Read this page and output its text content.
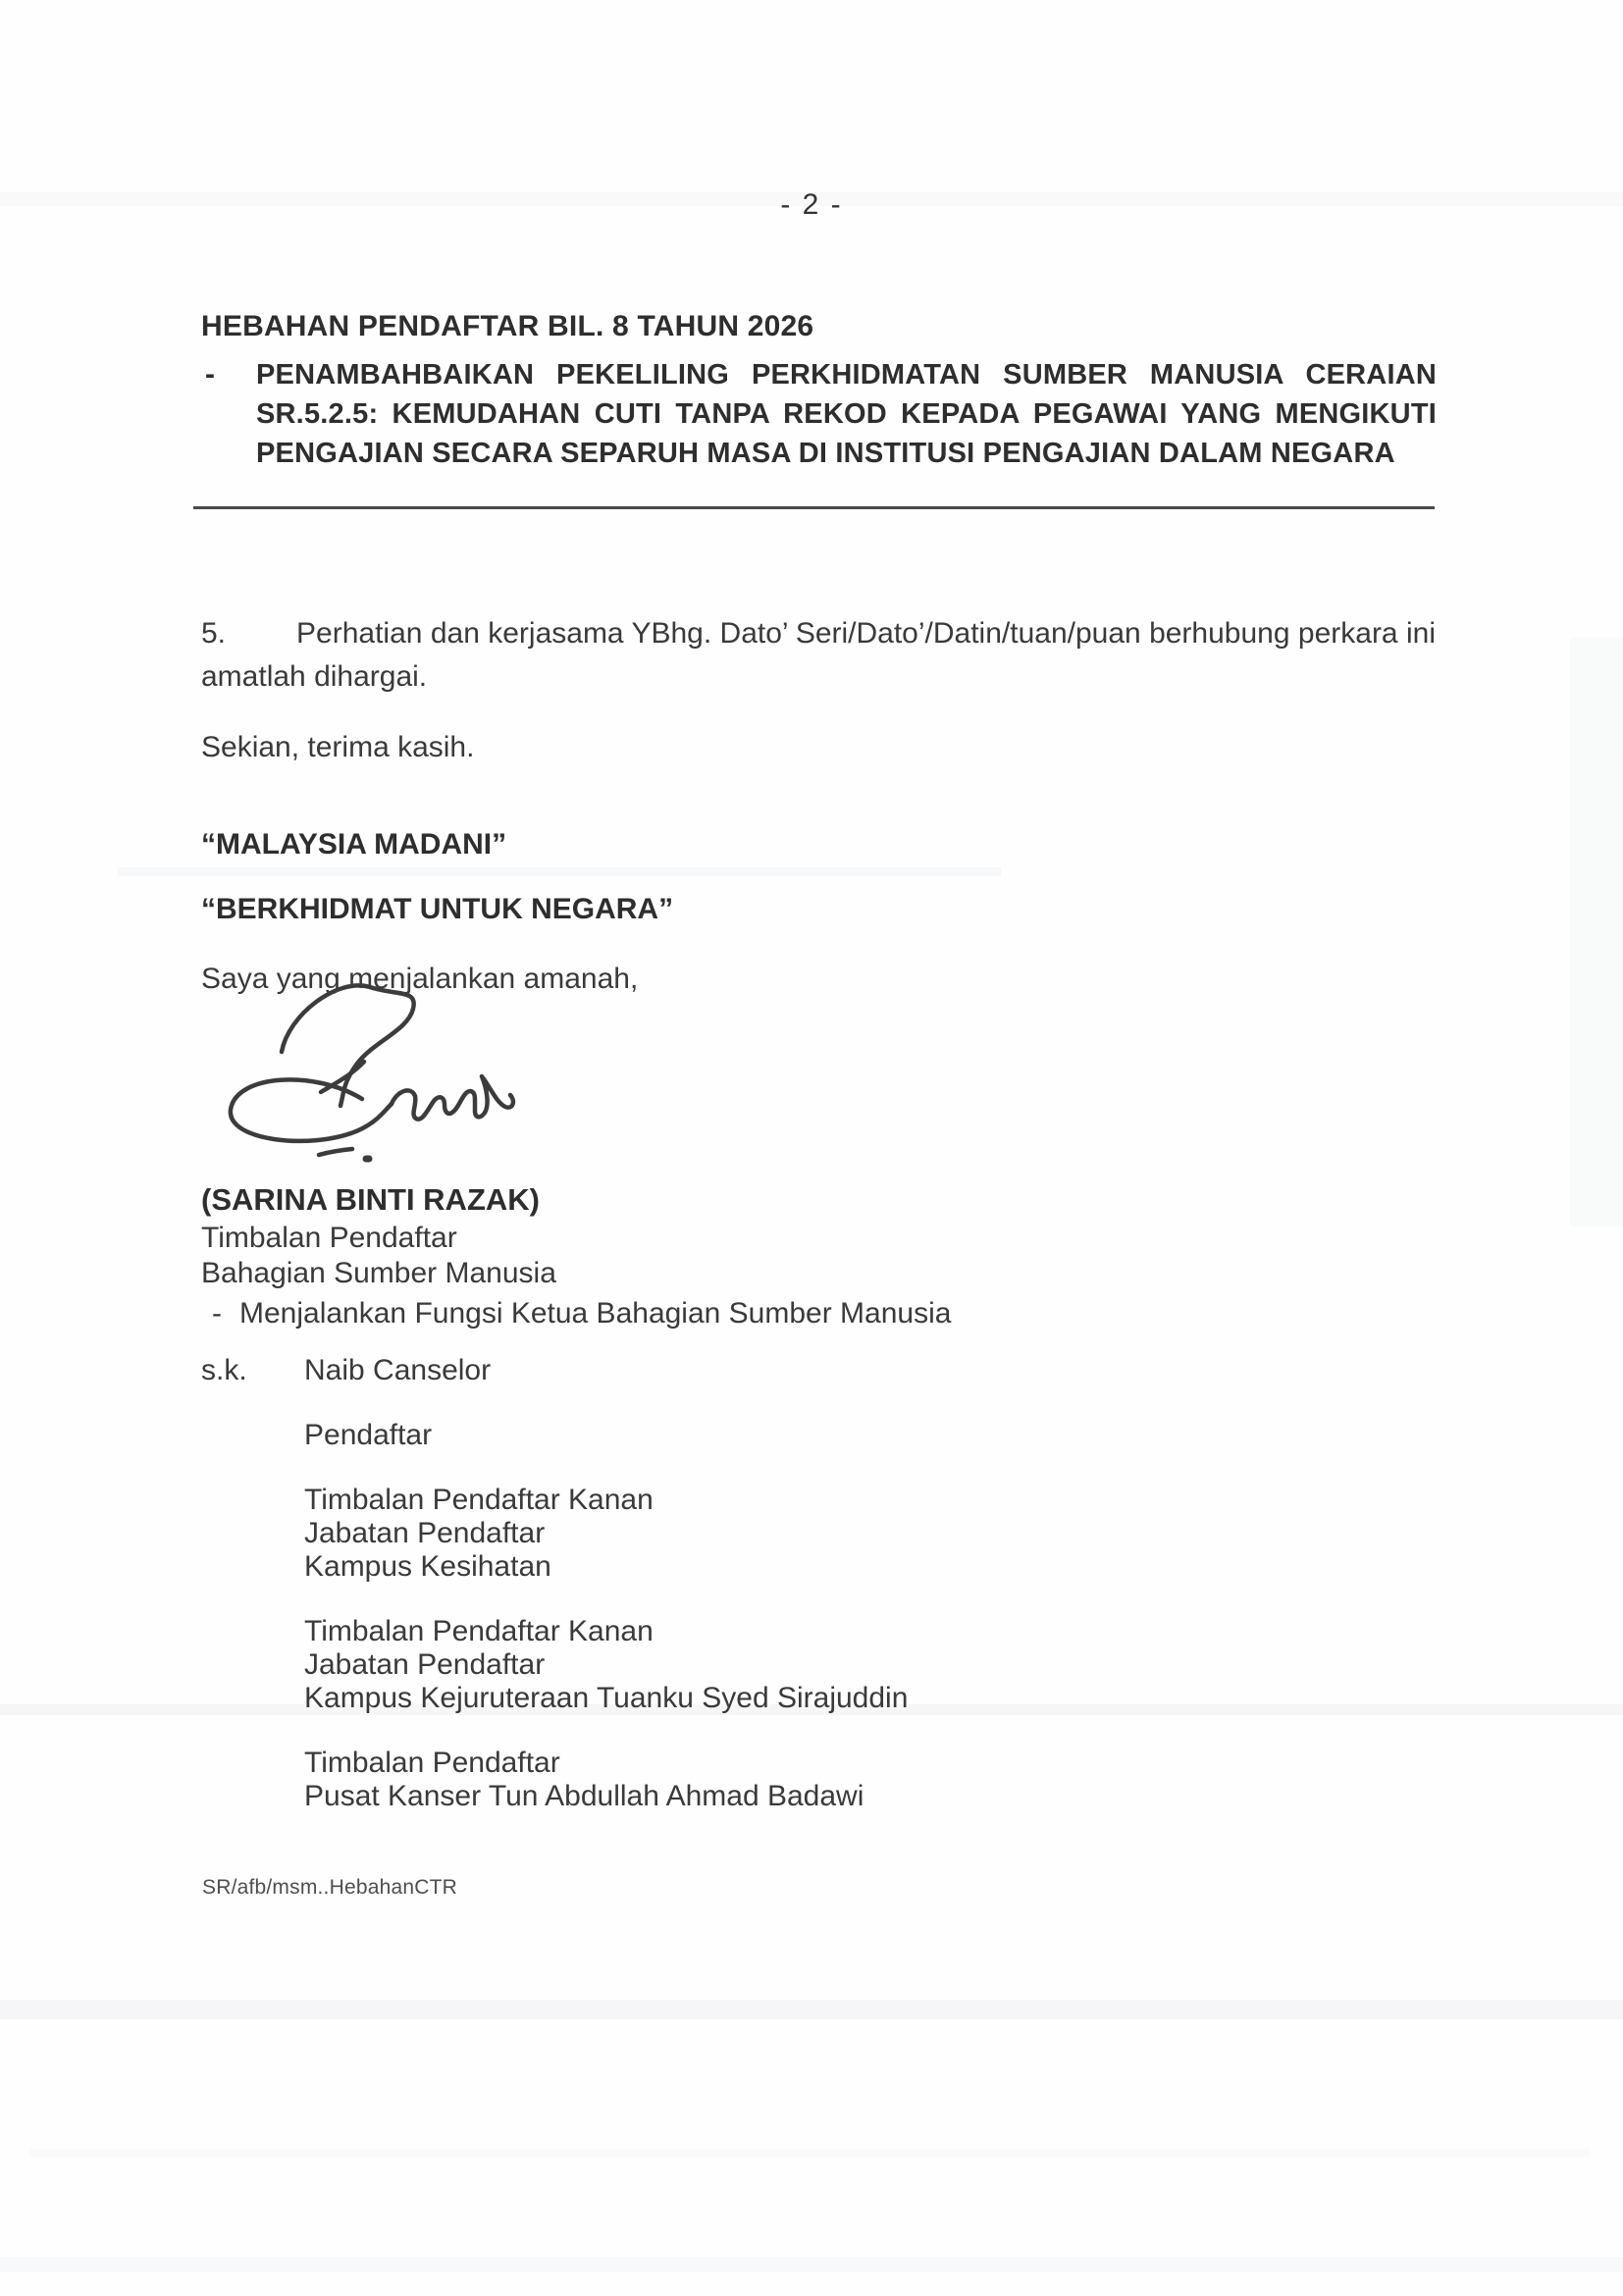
- 2 -
HEBAHAN PENDAFTAR BIL. 8 TAHUN 2026
-	PENAMBAHBAIKAN PEKELILING PERKHIDMATAN SUMBER MANUSIA CERAIAN SR.5.2.5: KEMUDAHAN CUTI TANPA REKOD KEPADA PEGAWAI YANG MENGIKUTI PENGAJIAN SECARA SEPARUH MASA DI INSTITUSI PENGAJIAN DALAM NEGARA

5. Perhatian dan kerjasama YBhg. Dato’ Seri/Dato’/Datin/tuan/puan berhubung perkara ini amatlah dihargai.

Sekian, terima kasih.

“MALAYSIA MADANI”
“BERKHIDMAT UNTUK NEGARA”

Saya yang menjalankan amanah,

(SARINA BINTI RAZAK)
Timbalan Pendaftar
Bahagian Sumber Manusia
- Menjalankan Fungsi Ketua Bahagian Sumber Manusia
s.k. Naib Canselor
Pendaftar
Timbalan Pendaftar Kanan
Jabatan Pendaftar
Kampus Kesihatan
Timbalan Pendaftar Kanan
Jabatan Pendaftar
Kampus Kejuruteraan Tuanku Syed Sirajuddin
Timbalan Pendaftar
Pusat Kanser Tun Abdullah Ahmad Badawi
SR/afb/msm..HebahanCTR
